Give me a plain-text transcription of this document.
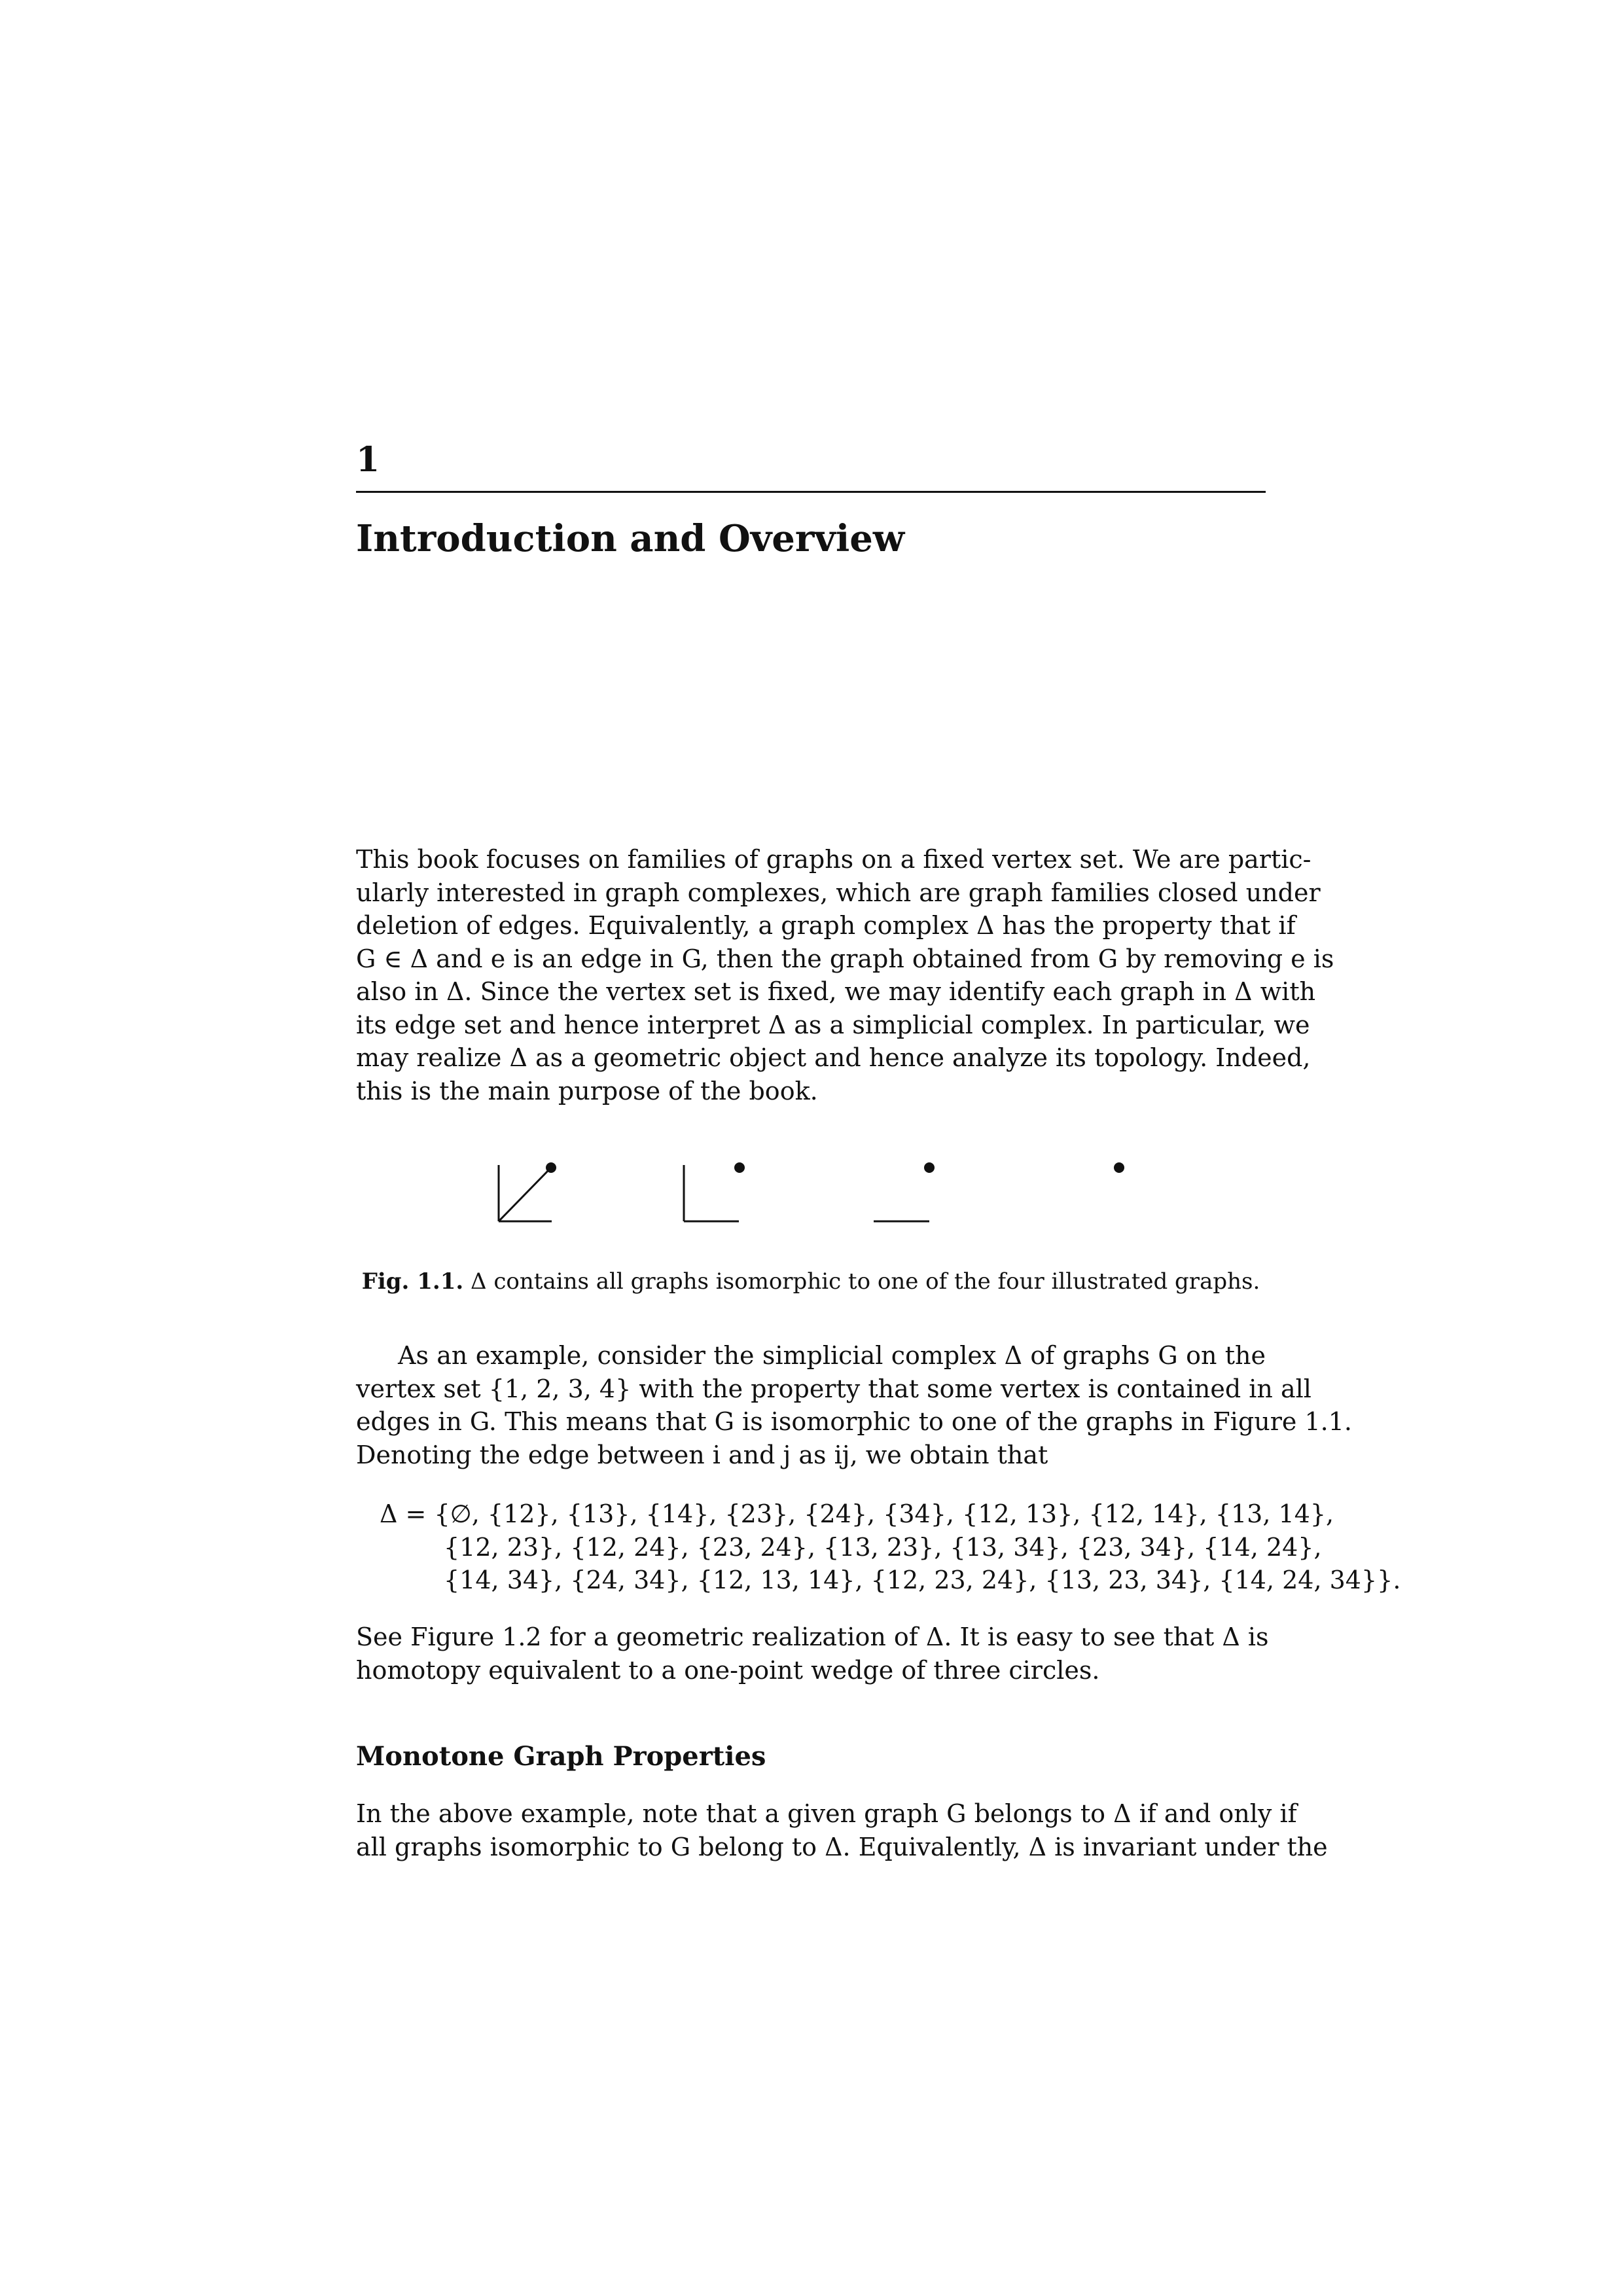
1
Introduction and Overview
This book focuses on families of graphs on a fixed vertex set. We are partic-
ularly interested in graph complexes, which are graph families closed under
deletion of edges. Equivalently, a graph complex Δ has the property that if
G ∈ Δ and e is an edge in G, then the graph obtained from G by removing e is
also in Δ. Since the vertex set is fixed, we may identify each graph in Δ with
its edge set and hence interpret Δ as a simplicial complex. In particular, we
may realize Δ as a geometric object and hence analyze its topology. Indeed,
this is the main purpose of the book.
Fig. 1.1. Δ contains all graphs isomorphic to one of the four illustrated graphs.
As an example, consider the simplicial complex Δ of graphs G on the
vertex set {1, 2, 3, 4} with the property that some vertex is contained in all
edges in G. This means that G is isomorphic to one of the graphs in Figure 1.1.
Denoting the edge between i and j as ij, we obtain that
Δ = {∅, {12}, {13}, {14}, {23}, {24}, {34}, {12, 13}, {12, 14}, {13, 14},
{12, 23}, {12, 24}, {23, 24}, {13, 23}, {13, 34}, {23, 34}, {14, 24},
{14, 34}, {24, 34}, {12, 13, 14}, {12, 23, 24}, {13, 23, 34}, {14, 24, 34}}.
See Figure 1.2 for a geometric realization of Δ. It is easy to see that Δ is
homotopy equivalent to a one-point wedge of three circles.
Monotone Graph Properties
In the above example, note that a given graph G belongs to Δ if and only if
all graphs isomorphic to G belong to Δ. Equivalently, Δ is invariant under the
